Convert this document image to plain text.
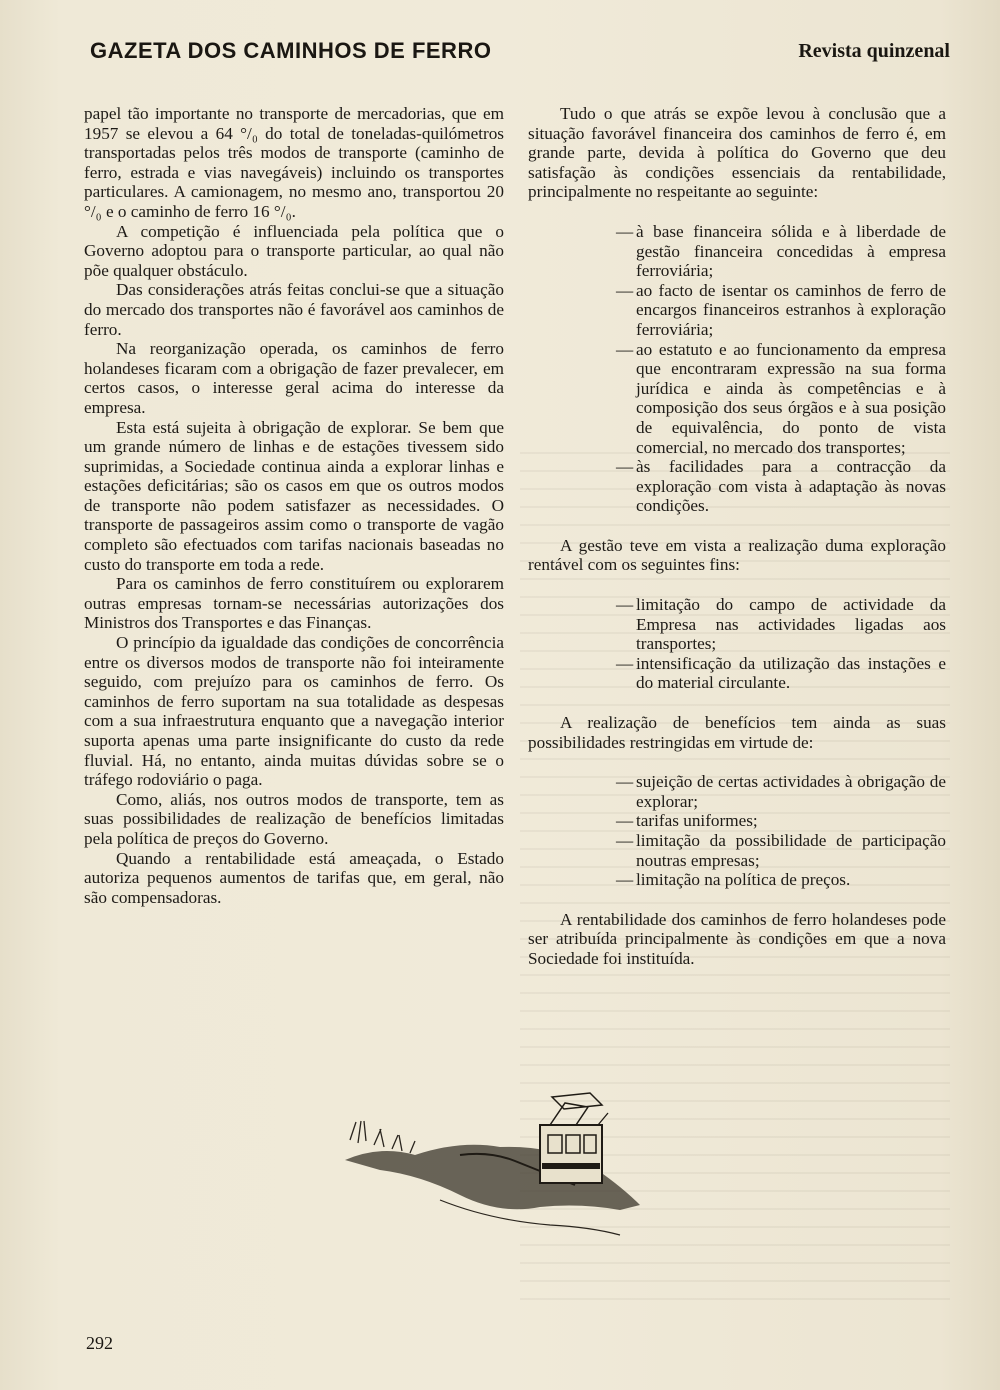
GAZETA DOS CAMINHOS DE FERRO	Revista quinzenal

papel tão importante no transporte de mercadorias, que em 1957 se elevou a 64 °/₀ do total de toneladas-quilómetros transportadas pelos três modos de transporte (caminho de ferro, estrada e vias navegáveis) incluindo os transportes particulares. A camionagem, no mesmo ano, transportou 20 °/₀ e o caminho de ferro 16 °/₀.

A competição é influenciada pela política que o Governo adoptou para o transporte particular, ao qual não põe qualquer obstáculo.

Das considerações atrás feitas conclui-se que a situação do mercado dos transportes não é favorável aos caminhos de ferro.

Na reorganização operada, os caminhos de ferro holandeses ficaram com a obrigação de fazer prevalecer, em certos casos, o interesse geral acima do interesse da empresa.

Esta está sujeita à obrigação de explorar. Se bem que um grande número de linhas e de estações tivessem sido suprimidas, a Sociedade continua ainda a explorar linhas e estações deficitárias; são os casos em que os outros modos de transporte não podem satisfazer as necessidades. O transporte de passageiros assim como o transporte de vagão completo são efectuados com tarifas nacionais baseadas no custo do transporte em toda a rede.

Para os caminhos de ferro constituírem ou explorarem outras empresas tornam-se necessárias autorizações dos Ministros dos Transportes e das Finanças.

O princípio da igualdade das condições de concorrência entre os diversos modos de transporte não foi inteiramente seguido, com prejuízo para os caminhos de ferro. Os caminhos de ferro suportam na sua totalidade as despesas com a sua infraestrutura enquanto que a navegação interior suporta apenas uma parte insignificante do custo da rede fluvial. Há, no entanto, ainda muitas dúvidas sobre se o tráfego rodoviário o paga.

Como, aliás, nos outros modos de transporte, tem as suas possibilidades de realização de benefícios limitadas pela política de preços do Governo.

Quando a rentabilidade está ameaçada, o Estado autoriza pequenos aumentos de tarifas que, em geral, não são compensadoras.

Tudo o que atrás se expõe levou à conclusão que a situação favorável financeira dos caminhos de ferro é, em grande parte, devida à política do Governo que deu satisfação às condições essenciais da rentabilidade, principalmente no respeitante ao seguinte:

— à base financeira sólida e à liberdade de gestão financeira concedidas à empresa ferroviária;
— ao facto de isentar os caminhos de ferro de encargos financeiros estranhos à exploração ferroviária;
— ao estatuto e ao funcionamento da empresa que encontraram expressão na sua forma jurídica e ainda às competências e à composição dos seus órgãos e à sua posição de equivalência, do ponto de vista comercial, no mercado dos transportes;
— às facilidades para a contracção da exploração com vista à adaptação às novas condições.

A gestão teve em vista a realização duma exploração rentável com os seguintes fins:

— limitação do campo de actividade da Empresa nas actividades ligadas aos transportes;
— intensificação da utilização das instações e do material circulante.

A realização de benefícios tem ainda as suas possibilidades restringidas em virtude de:

— sujeição de certas actividades à obrigação de explorar;
— tarifas uniformes;
— limitação da possibilidade de participação noutras empresas;
— limitação na política de preços.

A rentabilidade dos caminhos de ferro holandeses pode ser atribuída principalmente às condições em que a nova Sociedade foi instituída.

292
